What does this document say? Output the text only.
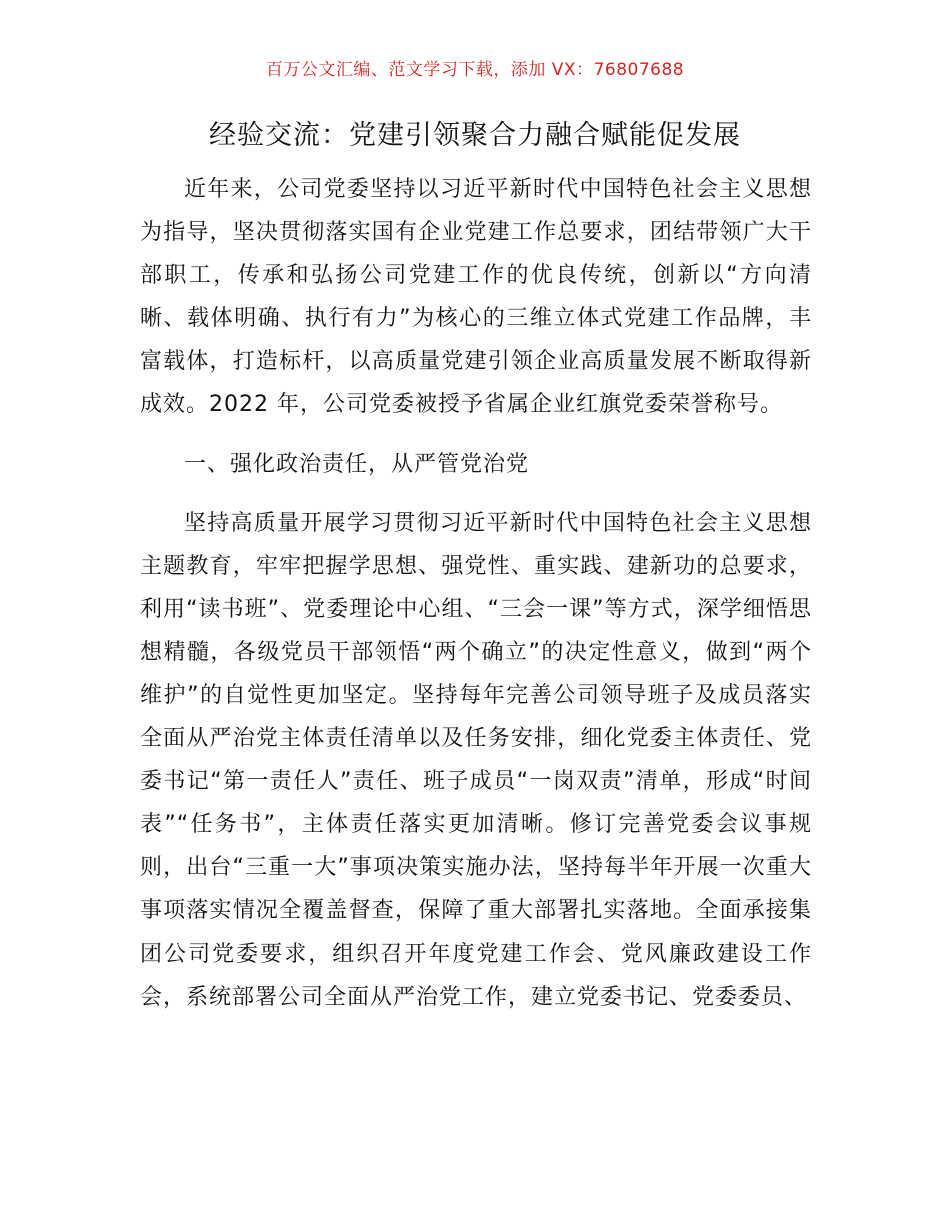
百万公文汇编、范文学习下载，添加 VX：76807688
经验交流：党建引领聚合力融合赋能促发展

近年来，公司党委坚持以习近平新时代中国特色社会主义思想为指导，坚决贯彻落实国有企业党建工作总要求，团结带领广大干部职工，传承和弘扬公司党建工作的优良传统，创新以“方向清晰、载体明确、执行有力”为核心的三维立体式党建工作品牌，丰富载体，打造标杆，以高质量党建引领企业高质量发展不断取得新成效。2022 年，公司党委被授予省属企业红旗党委荣誉称号。

一、强化政治责任，从严管党治党

坚持高质量开展学习贯彻习近平新时代中国特色社会主义思想主题教育，牢牢把握学思想、强党性、重实践、建新功的总要求，利用“读书班”、党委理论中心组、“三会一课”等方式，深学细悟思想精髓，各级党员干部领悟“两个确立”的决定性意义，做到“两个维护”的自觉性更加坚定。坚持每年完善公司领导班子及成员落实全面从严治党主体责任清单以及任务安排，细化党委主体责任、党委书记“第一责任人”责任、班子成员“一岗双责”清单，形成“时间表”“任务书”，主体责任落实更加清晰。修订完善党委会议事规则，出台“三重一大”事项决策实施办法，坚持每半年开展一次重大事项落实情况全覆盖督查，保障了重大部署扎实落地。全面承接集团公司党委要求，组织召开年度党建工作会、党风廉政建设工作会，系统部署公司全面从严治党工作，建立党委书记、党委委员、
